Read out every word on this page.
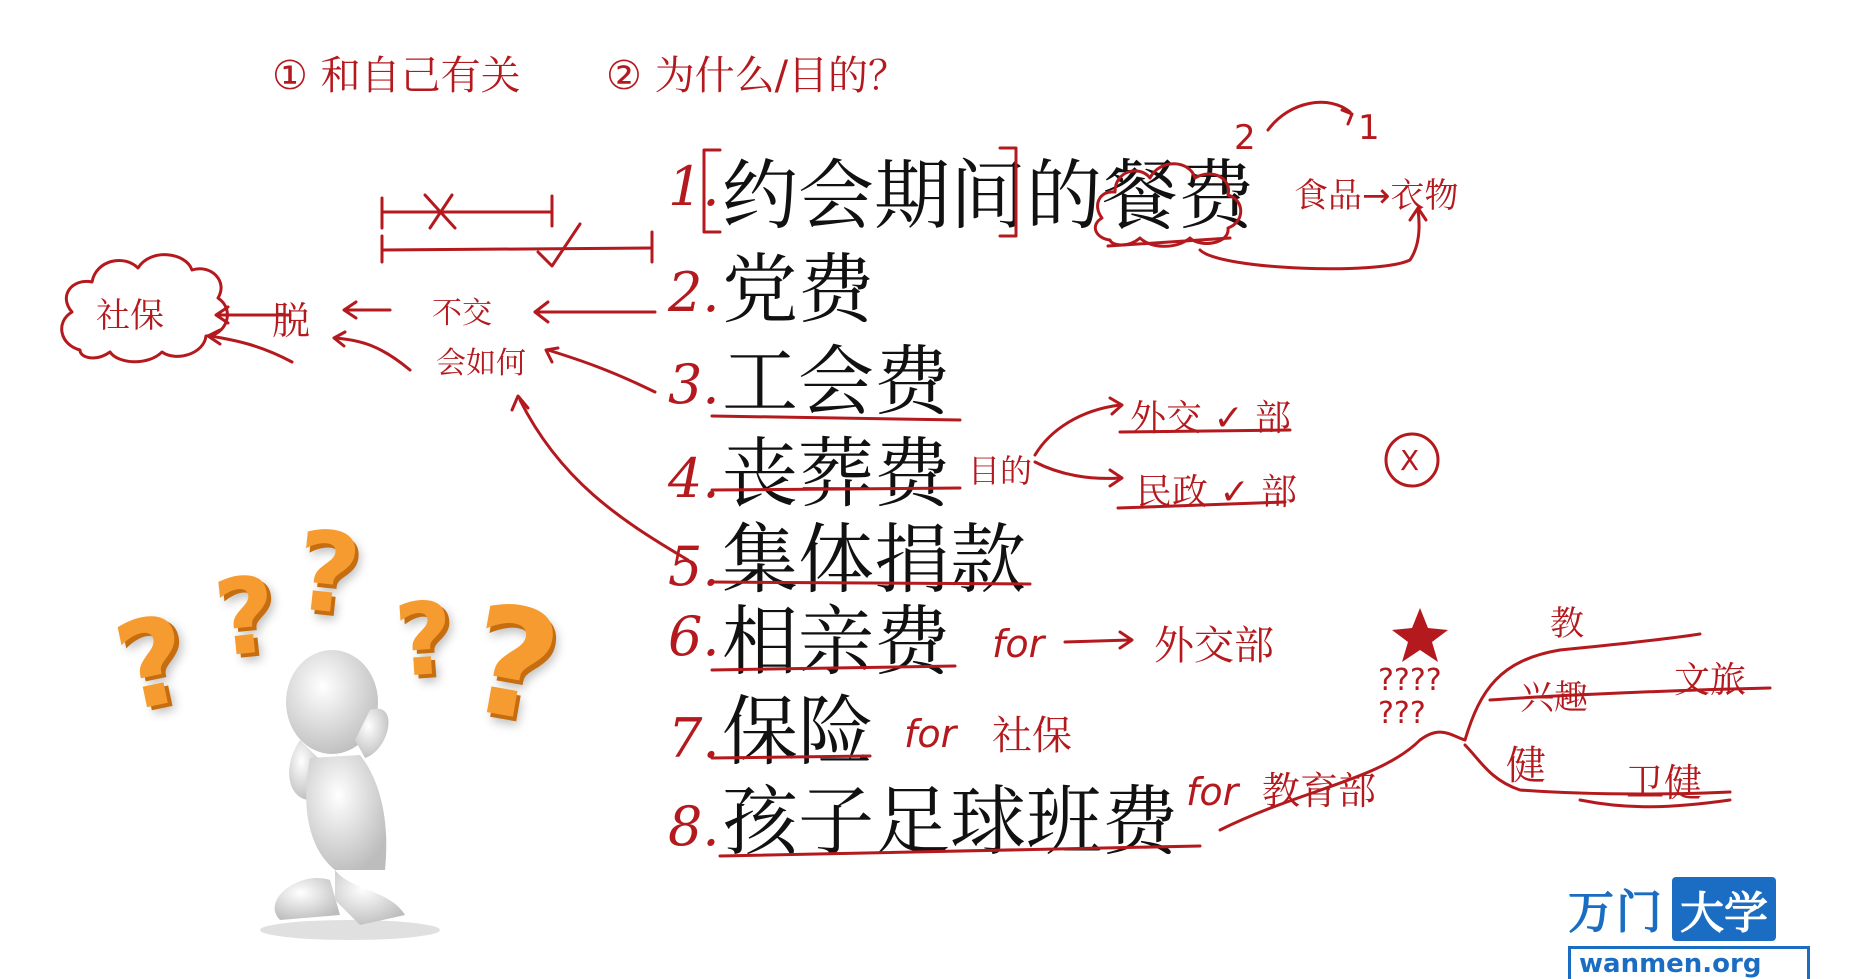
① 和自己有关 ② 为什么/目的？
1. 约会期间的餐费
2. 党费
3. 工会费
4. 丧葬费
5. 集体捐款
6. 相亲费
7. 保险
8. 孩子足球班费
社保	脱	不交
会如何
2	1
食品→衣物
目的
外交 ✓ 部
民政 ✓ 部
X
for	外交部
for 社保
for 教育部
???? ???
教
兴趣 文旅
健 卫健
? ? ? ?
?
万门 大学
wanmen.org
